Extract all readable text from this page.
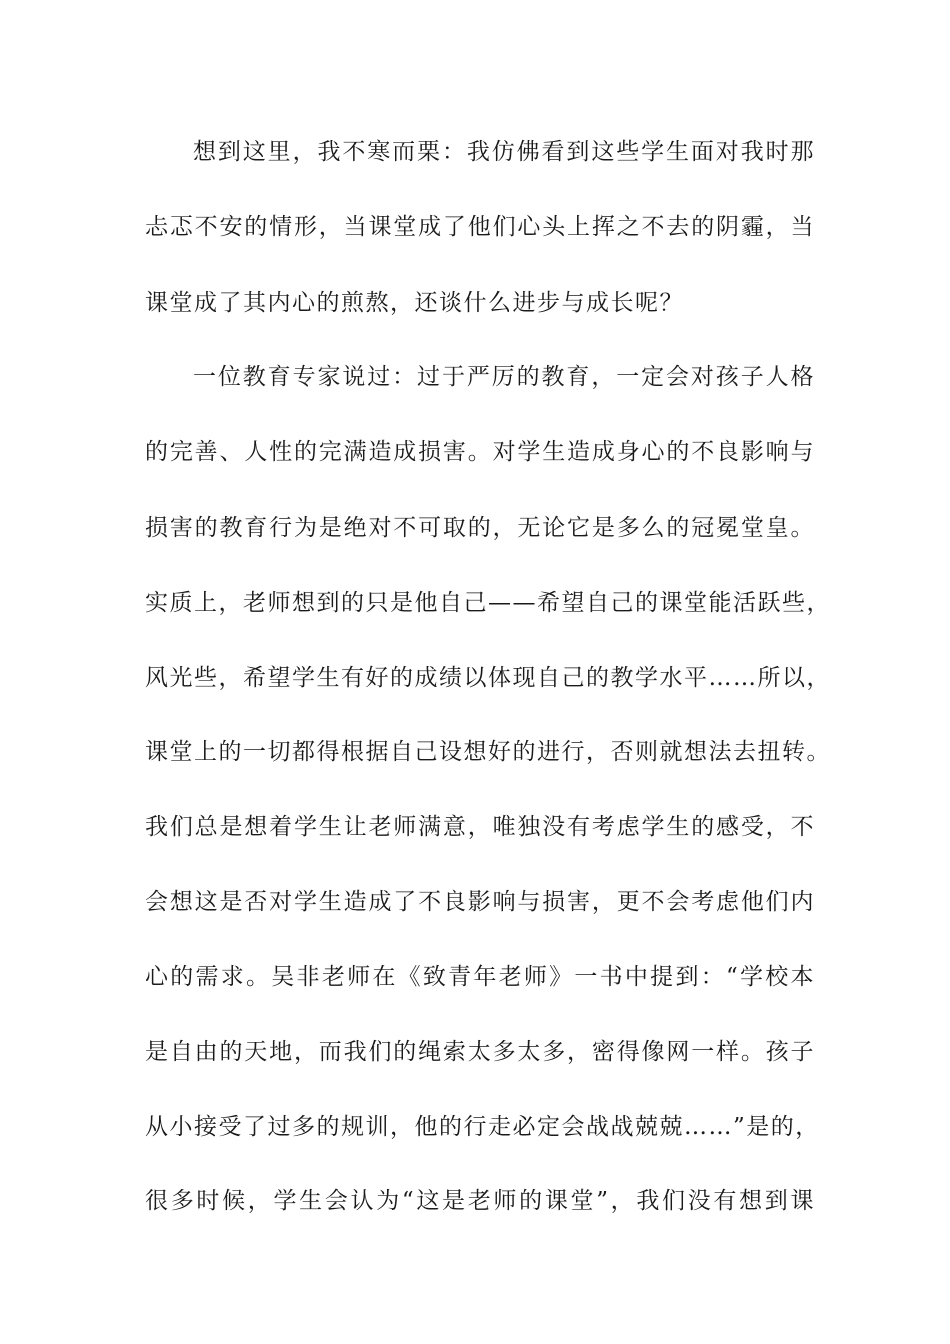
想到这里，我不寒而栗：我仿佛看到这些学生面对我时那
忐忑不安的情形，当课堂成了他们心头上挥之不去的阴霾，当
课堂成了其内心的煎熬，还谈什么进步与成长呢？
一位教育专家说过：过于严厉的教育，一定会对孩子人格
的完善、人性的完满造成损害。对学生造成身心的不良影响与
损害的教育行为是绝对不可取的，无论它是多么的冠冕堂皇。
实质上，老师想到的只是他自己——希望自己的课堂能活跃些，
风光些，希望学生有好的成绩以体现自己的教学水平……所以，
课堂上的一切都得根据自己设想好的进行，否则就想法去扭转。
我们总是想着学生让老师满意，唯独没有考虑学生的感受，不
会想这是否对学生造成了不良影响与损害，更不会考虑他们内
心的需求。吴非老师在《致青年老师》一书中提到：“学校本
是自由的天地，而我们的绳索太多太多，密得像网一样。孩子
从小接受了过多的规训，他的行走必定会战战兢兢……”是的，
很多时候，学生会认为“这是老师的课堂”，我们没有想到课
